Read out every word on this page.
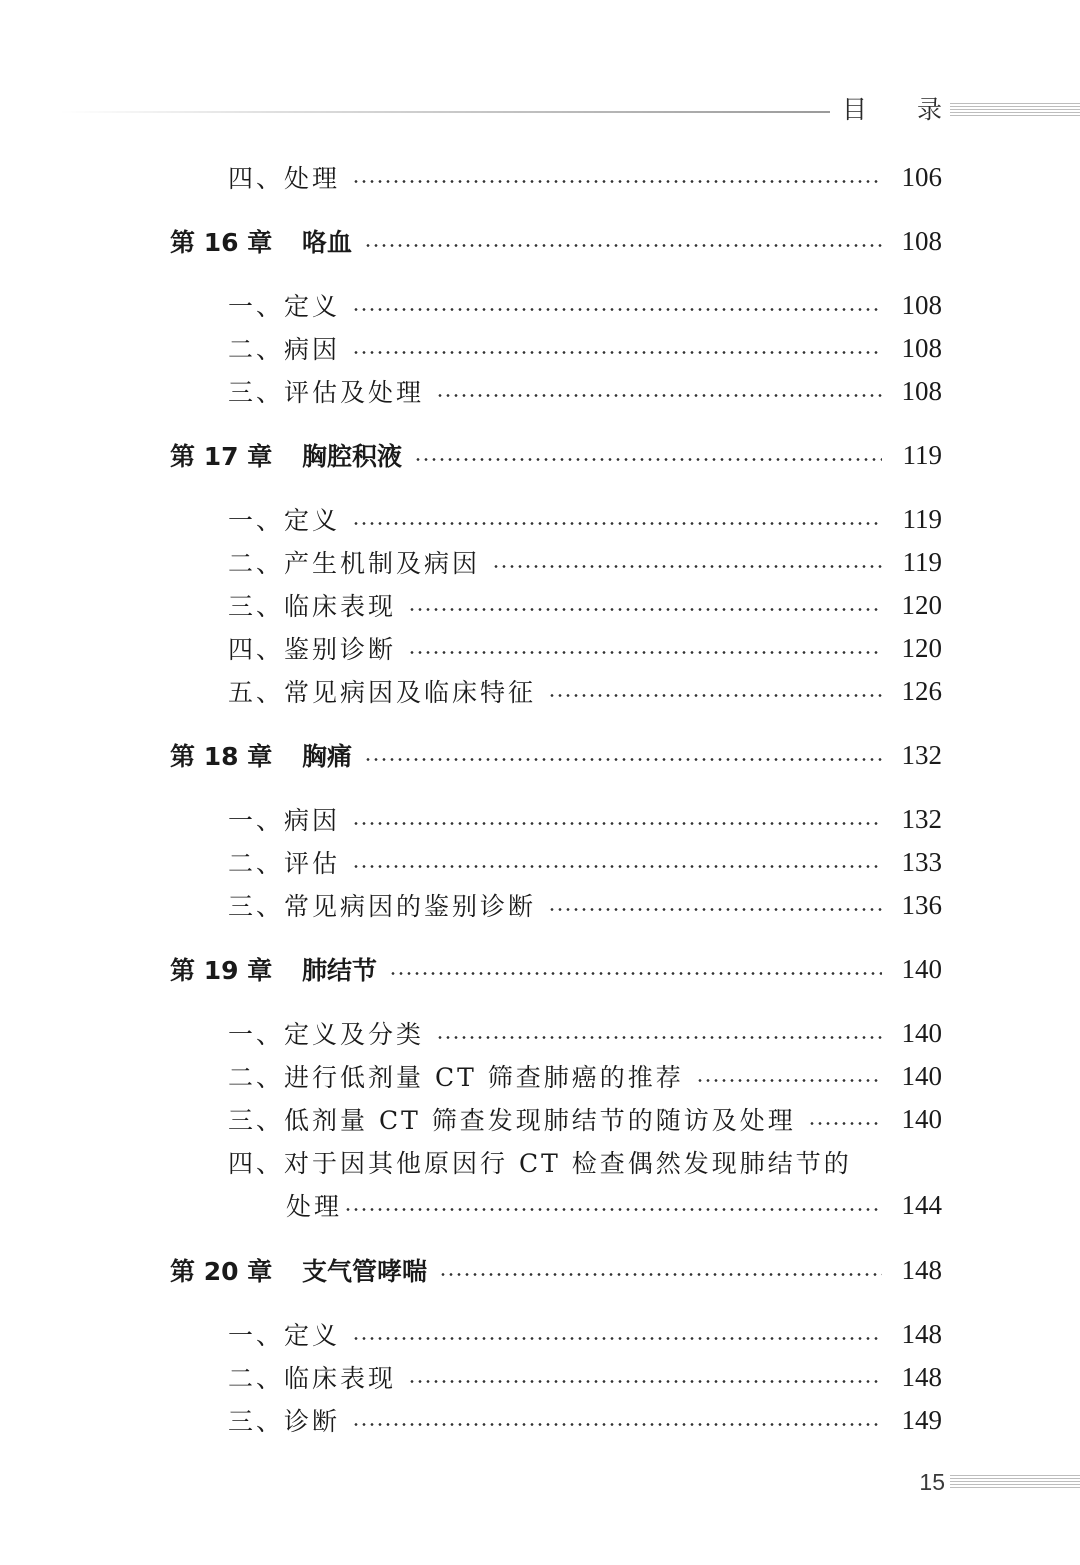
目 录
四、处理	106
第 16 章	咯血	108
一、定义	108
二、病因	108
三、评估及处理	108
第 17 章	胸腔积液	119
一、定义	119
二、产生机制及病因	119
三、临床表现	120
四、鉴别诊断	120
五、常见病因及临床特征	126
第 18 章	胸痛	132
一、病因	132
二、评估	133
三、常见病因的鉴别诊断	136
第 19 章	肺结节	140
一、定义及分类	140
二、进行低剂量 CT 筛查肺癌的推荐	140
三、低剂量 CT 筛查发现肺结节的随访及处理	140
四、对于因其他原因行 CT 检查偶然发现肺结节的
处理	144
第 20 章	支气管哮喘	148
一、定义	148
二、临床表现	148
三、诊断	149
15
